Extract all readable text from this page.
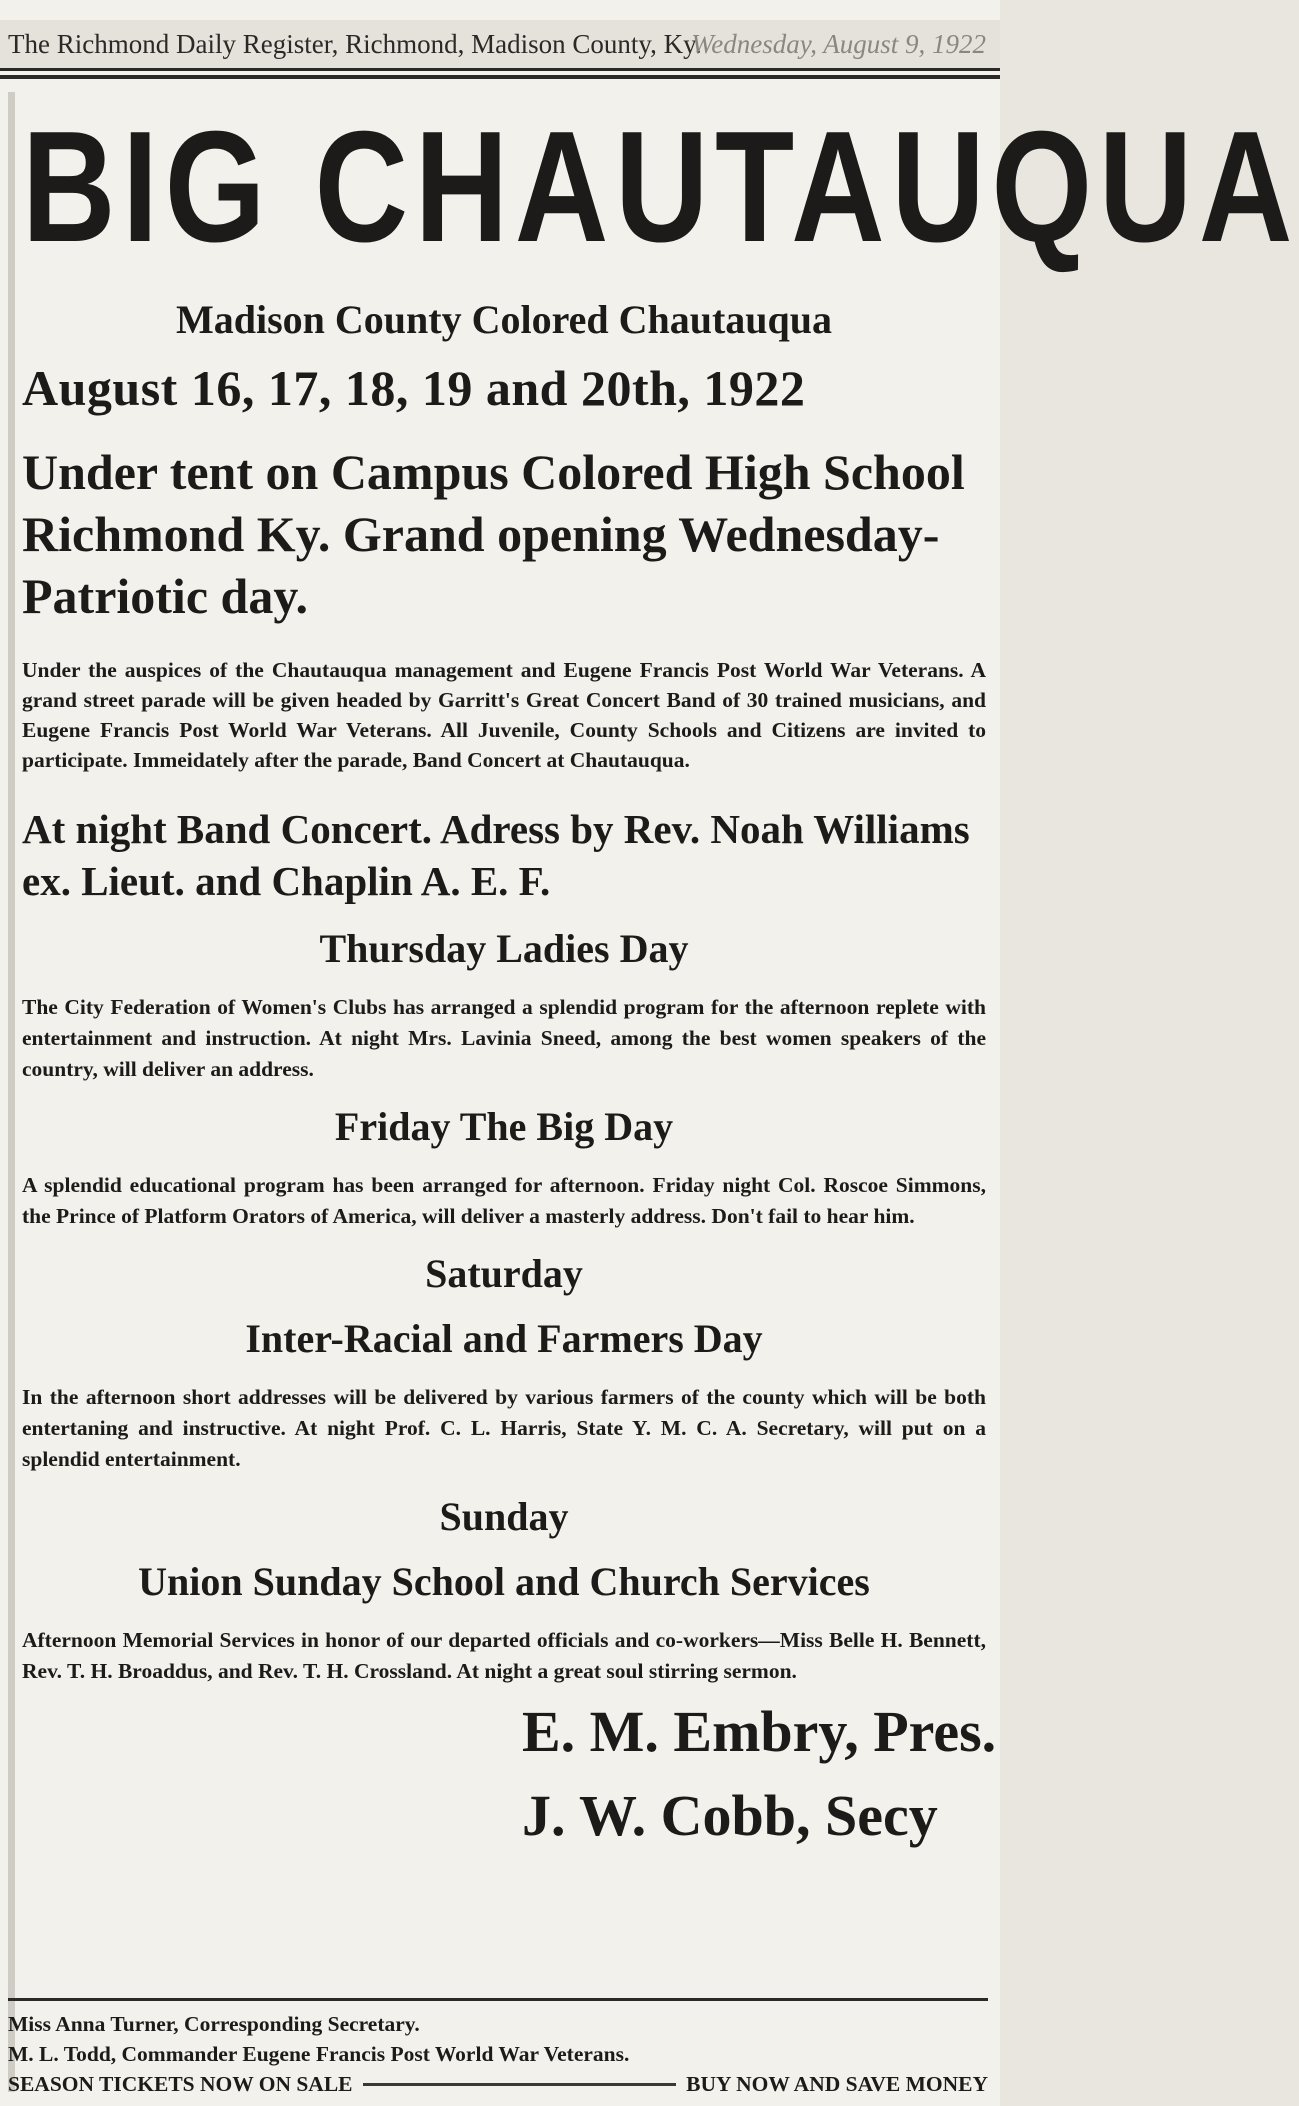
The Richmond Daily Register, Richmond, Madison County, Ky.
Wednesday, August 9, 1922
BIG CHAUTAUQUA
Madison County Colored Chautauqua
August 16, 17, 18, 19 and 20th, 1922
Under tent on Campus Colored High School Richmond Ky. Grand opening Wednesday-Patriotic day.
Under the auspices of the Chautauqua management and Eugene Francis Post World War Veterans. A grand street parade will be given headed by Garritt's Great Concert Band of 30 trained musicians, and Eugene Francis Post World War Veterans. All Juvenile, County Schools and Citizens are invited to participate. Immeidately after the parade, Band Concert at Chautauqua.
At night Band Concert. Adress by Rev. Noah Williams ex. Lieut. and Chaplin A. E. F.
Thursday Ladies Day
The City Federation of Women's Clubs has arranged a splendid program for the afternoon replete with entertainment and instruction. At night Mrs. Lavinia Sneed, among the best women speakers of the country, will deliver an address.
Friday The Big Day
A splendid educational program has been arranged for afternoon. Friday night Col. Roscoe Simmons, the Prince of Platform Orators of America, will deliver a masterly address. Don't fail to hear him.
Saturday
Inter-Racial and Farmers Day
In the afternoon short addresses will be delivered by various farmers of the county which will be both entertaning and instructive. At night Prof. C. L. Harris, State Y. M. C. A. Secretary, will put on a splendid entertainment.
Sunday
Union Sunday School and Church Services
Afternoon Memorial Services in honor of our departed officials and co-workers—Miss Belle H. Bennett, Rev. T. H. Broaddus, and Rev. T. H. Crossland. At night a great soul stirring sermon.
E. M. Embry, Pres.
J. W. Cobb, Secy
Miss Anna Turner, Corresponding Secretary.
M. L. Todd, Commander Eugene Francis Post World War Veterans.
SEASON TICKETS NOW ON SALE	BUY NOW AND SAVE MONEY
